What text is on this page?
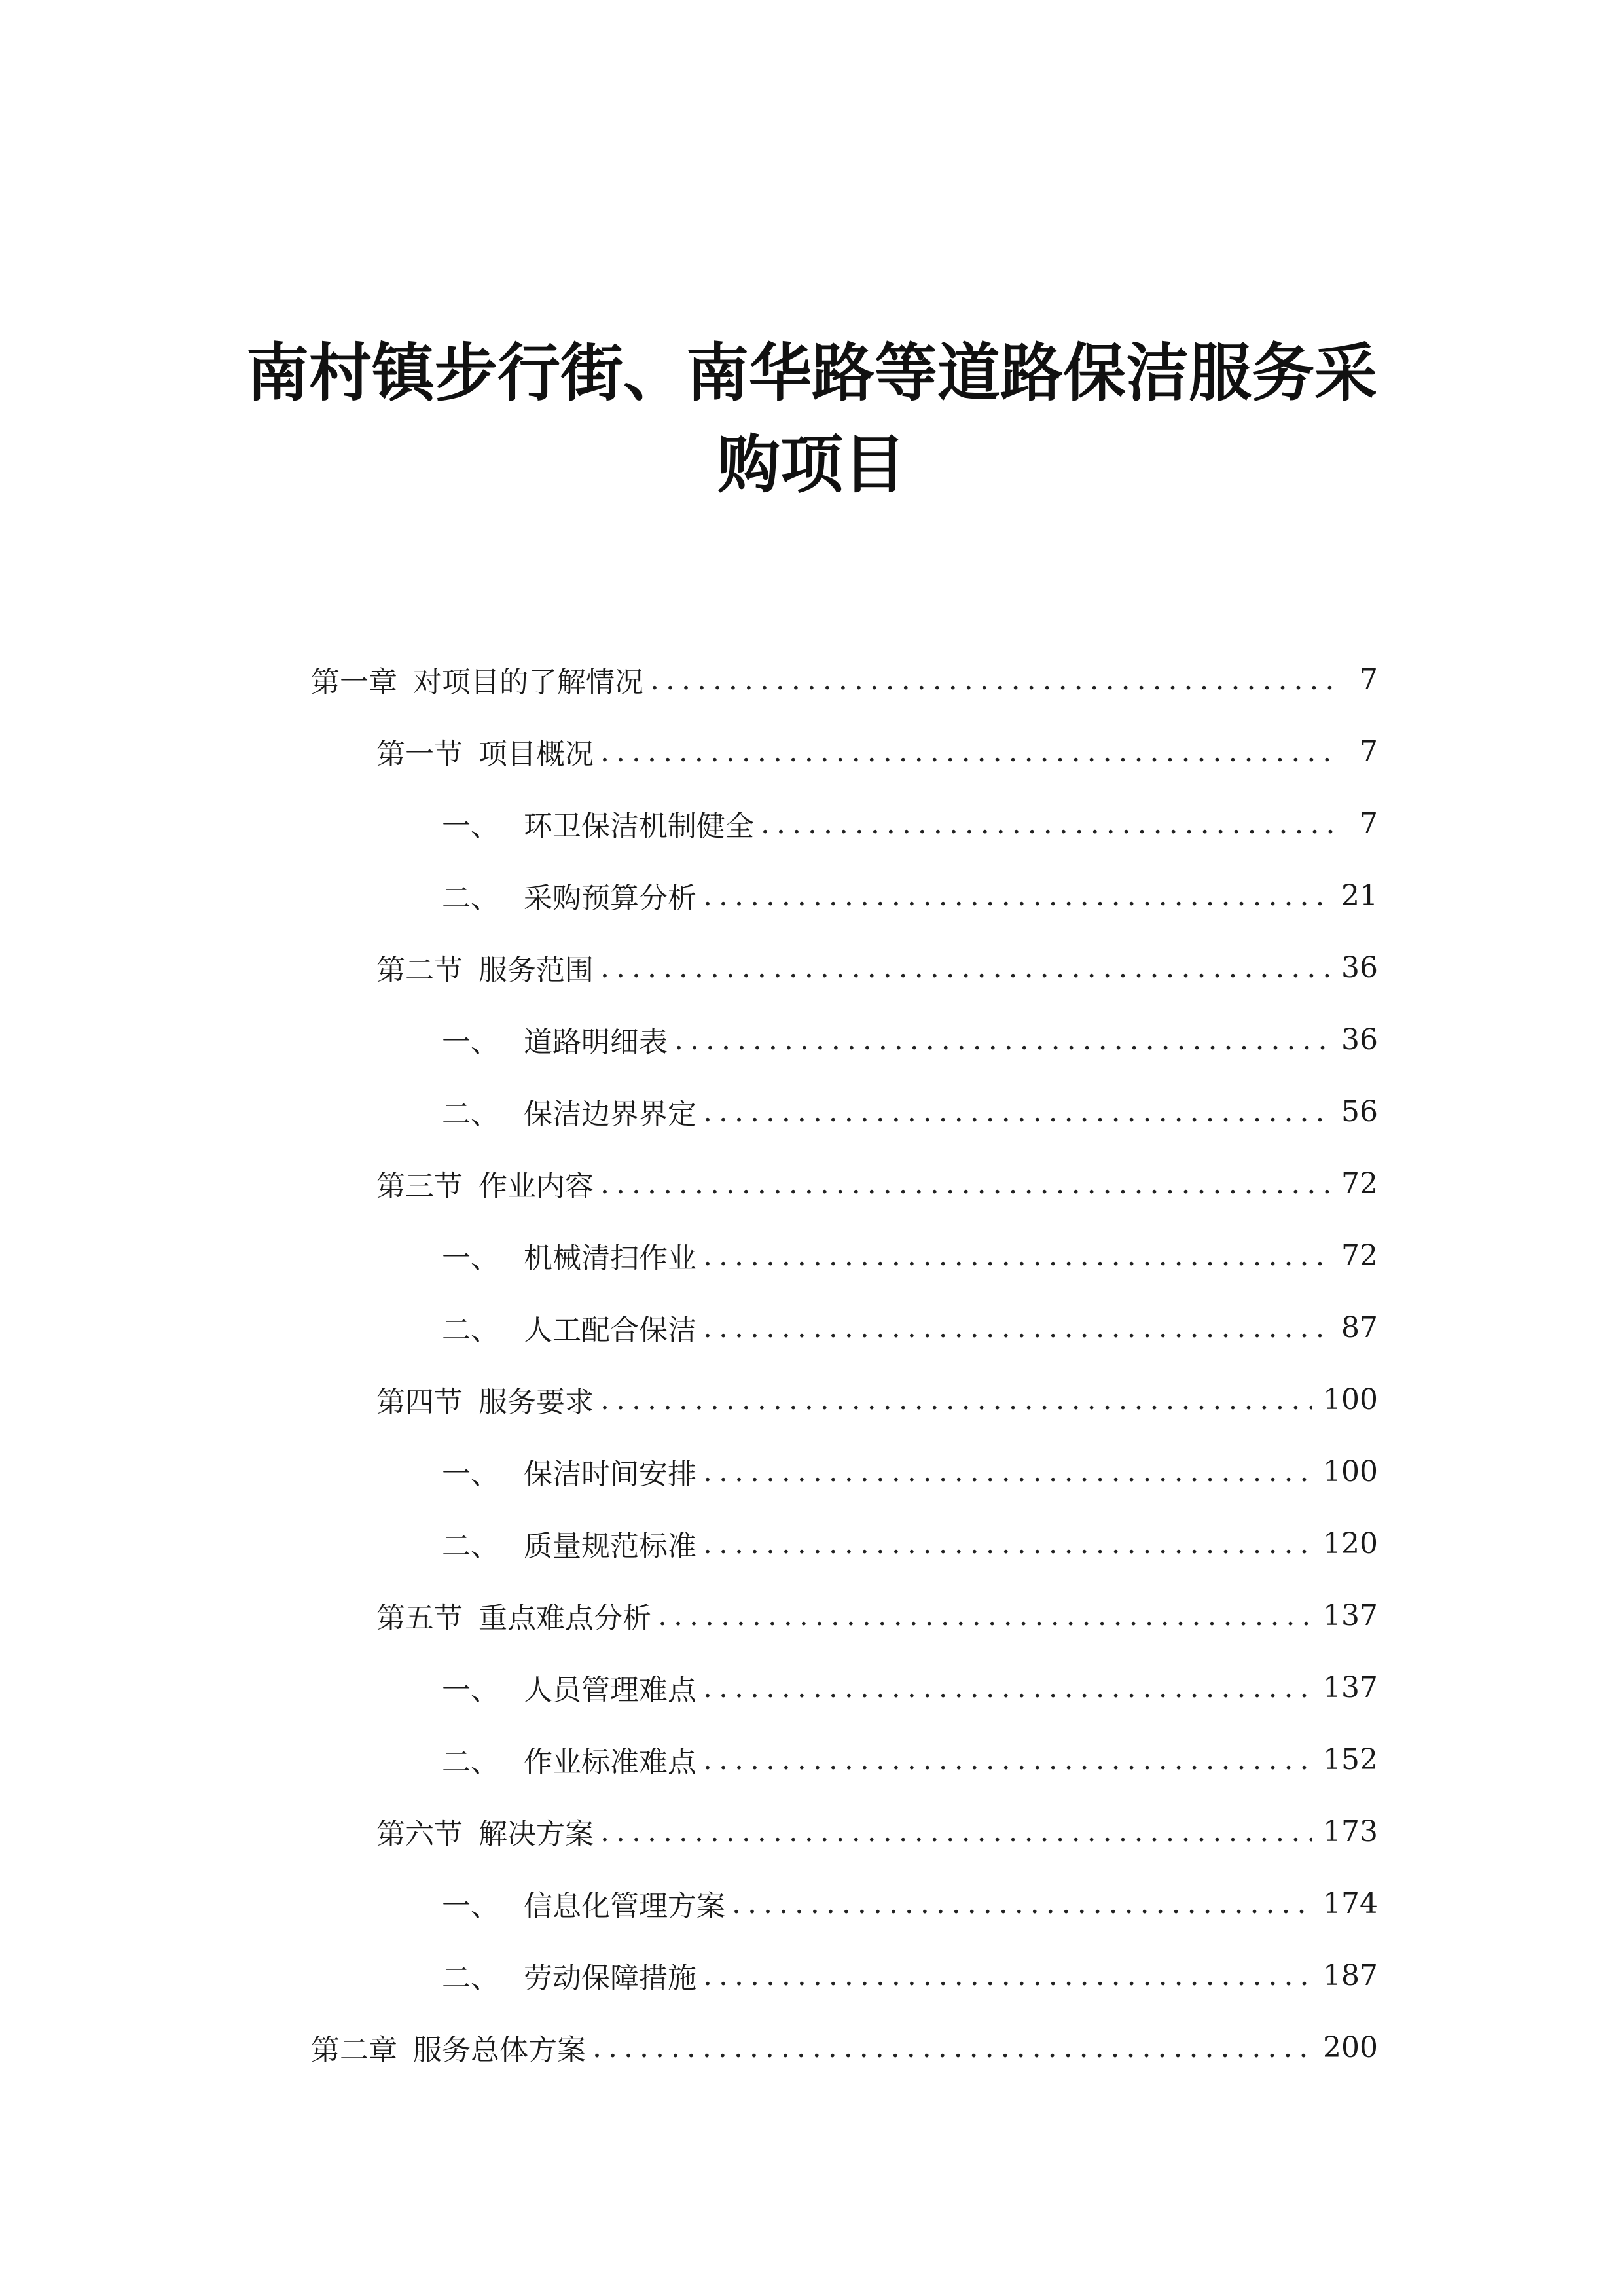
南村镇步行街、南华路等道路保洁服务采
购项目
第一章 对项目的了解情况 .....	7
第一节 项目概况 .....	7
一、 环卫保洁机制健全 .....	7
二、 采购预算分析 .....	21
第二节 服务范围 .....	36
一、 道路明细表 .....	36
二、 保洁边界界定 .....	56
第三节 作业内容 .....	72
一、 机械清扫作业 .....	72
二、 人工配合保洁 .....	87
第四节 服务要求 .....	100
一、 保洁时间安排 .....	100
二、 质量规范标准 .....	120
第五节 重点难点分析 .....	137
一、 人员管理难点 .....	137
二、 作业标准难点 .....	152
第六节 解决方案 .....	173
一、 信息化管理方案 .....	174
二、 劳动保障措施 .....	187
第二章 服务总体方案 .....	200
